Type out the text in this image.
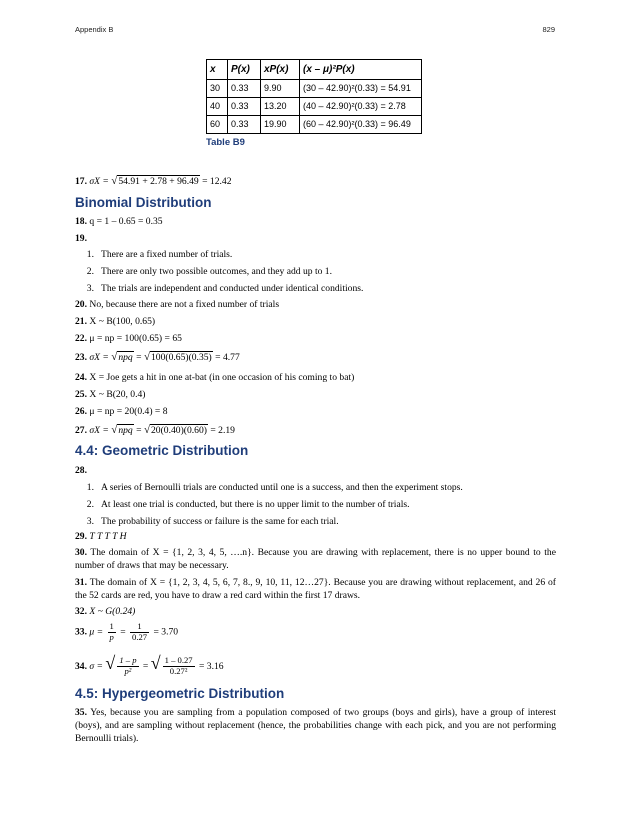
Appendix B	829
x	P(x)	xP(x)	(x – μ)²P(x)
30	0.33	9.90	(30 – 42.90)²(0.33) = 54.91
40	0.33	13.20	(40 – 42.90)²(0.33) = 2.78
60	0.33	19.90	(60 – 42.90)²(0.33) = 96.49
Table B9
17. σX = √54.91 + 2.78 + 96.49 = 12.42
Binomial Distribution
18. q = 1 – 0.65 = 0.35
19.
1. There are a fixed number of trials.
2. There are only two possible outcomes, and they add up to 1.
3. The trials are independent and conducted under identical conditions.
20. No, because there are not a fixed number of trials
21. X ~ B(100, 0.65)
22. μ = np = 100(0.65) = 65
23. σX = √npq = √100(0.65)(0.35) = 4.77
24. X = Joe gets a hit in one at-bat (in one occasion of his coming to bat)
25. X ~ B(20, 0.4)
26. μ = np = 20(0.4) = 8
27. σX = √npq = √20(0.40)(0.60) = 2.19
4.4: Geometric Distribution
28.
1. A series of Bernoulli trials are conducted until one is a success, and then the experiment stops.
2. At least one trial is conducted, but there is no upper limit to the number of trials.
3. The probability of success or failure is the same for each trial.
29. T T T T H
30. The domain of X = {1, 2, 3, 4, 5, ….n}. Because you are drawing with replacement, there is no upper bound to the number of draws that may be necessary.
31. The domain of X = {1, 2, 3, 4, 5, 6, 7, 8., 9, 10, 11, 12…27}. Because you are drawing without replacement, and 26 of the 52 cards are red, you have to draw a red card within the first 17 draws.
32. X ~ G(0.24)
33. $\mu = \frac{1}{p} = \frac{1}{0.27} = 3.70$
34. σ = √ $\frac{1 - p}{\text{p²}}$ = √ $\frac{1 - 0.27}{\text{0.27²}} = 3.16$
4.5: Hypergeometric Distribution
35. Yes, because you are sampling from a population composed of two groups (boys and girls), have a group of interest (boys), and are sampling without replacement (hence, the probabilities change with each pick, and you are not performing Bernoulli trials).
